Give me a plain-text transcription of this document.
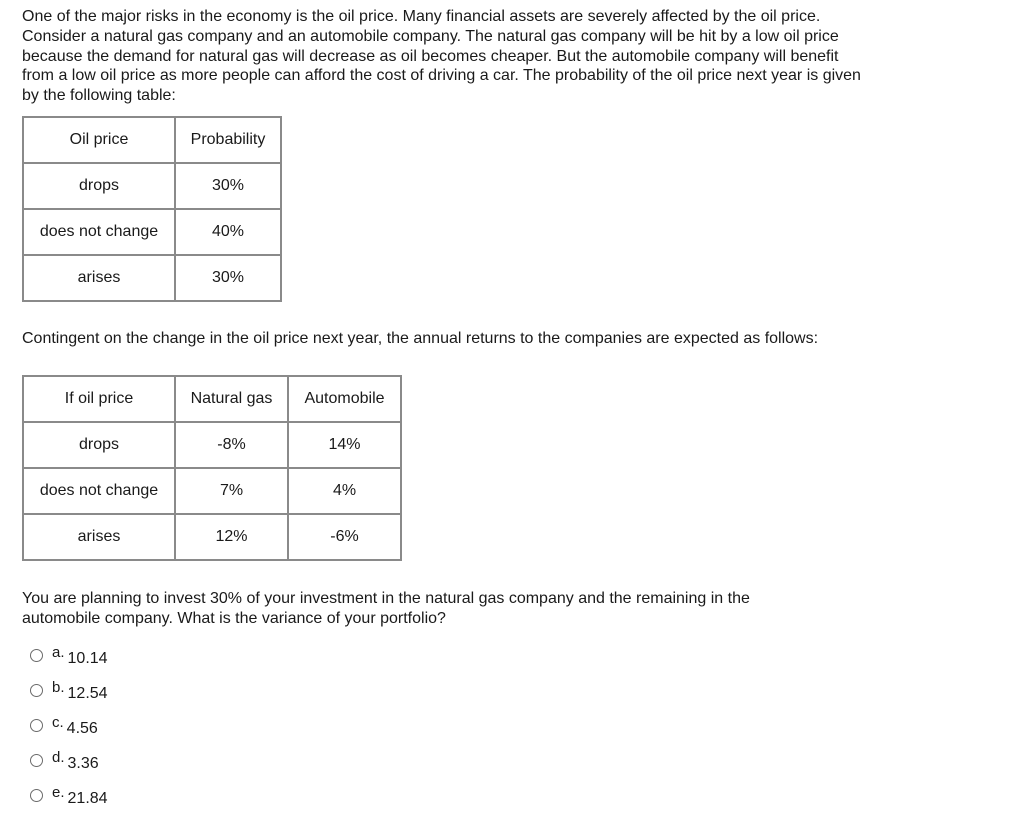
One of the major risks in the economy is the oil price. Many financial assets are severely affected by the oil price. Consider a natural gas company and an automobile company. The natural gas company will be hit by a low oil price because the demand for natural gas will decrease as oil becomes cheaper. But the automobile company will benefit from a low oil price as more people can afford the cost of driving a car. The probability of the oil price next year is given by the following table:

Oil price	Probability
drops	30%
does not change	40%
arises	30%

Contingent on the change in the oil price next year, the annual returns to the companies are expected as follows:

If oil price	Natural gas	Automobile
drops	-8%	14%
does not change	7%	4%
arises	12%	-6%

You are planning to invest 30% of your investment in the natural gas company and the remaining in the automobile company. What is the variance of your portfolio?

a. 10.14
b. 12.54
c. 4.56
d. 3.36
e. 21.84
